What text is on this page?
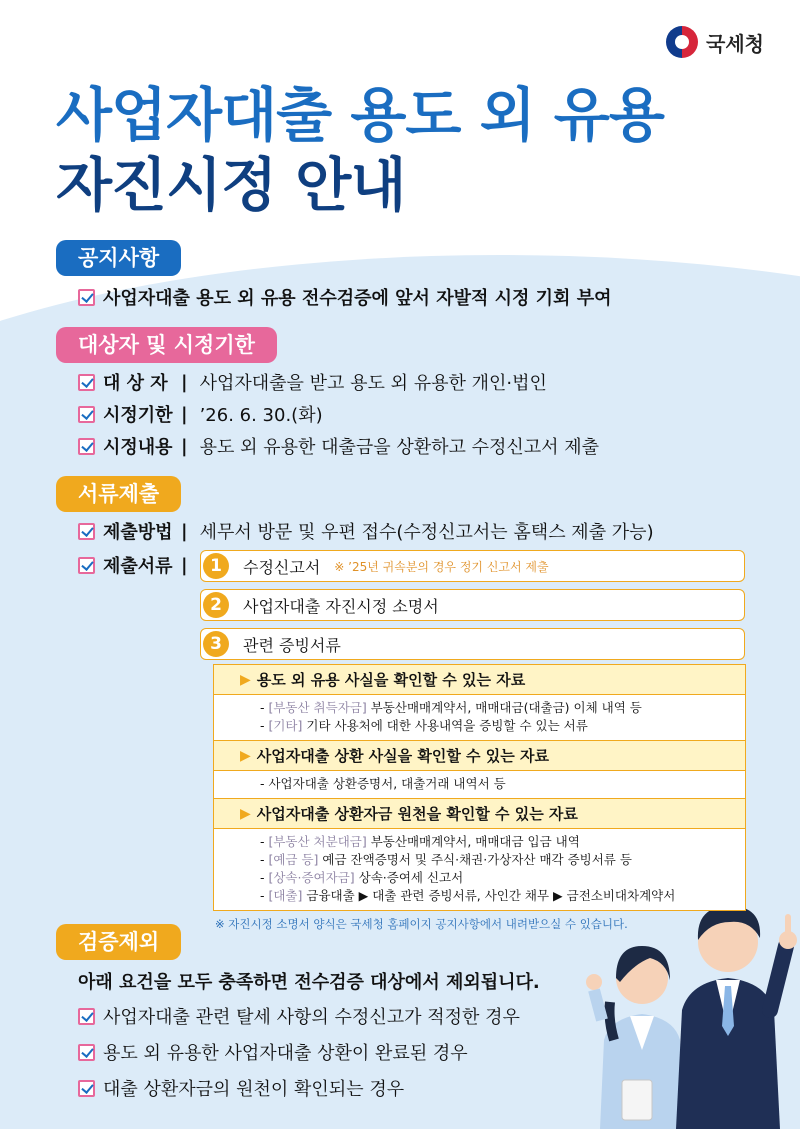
국세청
사업자대출 용도 외 유용
자진시정 안내
공지사항
사업자대출 용도 외 유용 전수검증에 앞서 자발적 시정 기회 부여
대상자 및 시정기한
대 상 자 | 사업자대출을 받고 용도 외 유용한 개인·법인
시정기한 | ’26. 6. 30.(화)
시정내용 | 용도 외 유용한 대출금을 상환하고 수정신고서 제출
서류제출
제출방법 | 세무서 방문 및 우편 접수(수정신고서는 홈택스 제출 가능)
제출서류 |	1	수정신고서 ※ ’25년 귀속분의 경우 정기 신고서 제출
2	사업자대출 자진시정 소명서
3	관련 증빙서류
▶ 용도 외 유용 사실을 확인할 수 있는 자료
- [부동산 취득자금] 부동산매매계약서, 매매대금(대출금) 이체 내역 등
- [기타] 기타 사용처에 대한 사용내역을 증빙할 수 있는 서류
▶ 사업자대출 상환 사실을 확인할 수 있는 자료
- 사업자대출 상환증명서, 대출거래 내역서 등
▶ 사업자대출 상환자금 원천을 확인할 수 있는 자료
- [부동산 처분대금] 부동산매매계약서, 매매대금 입금 내역
- [예금 등] 예금 잔액증명서 및 주식·채권·가상자산 매각 증빙서류 등
- [상속·증여자금] 상속·증여세 신고서
- [대출] 금융대출 ▶ 대출 관련 증빙서류, 사인간 채무 ▶ 금전소비대차계약서
※ 자진시정 소명서 양식은 국세청 홈페이지 공지사항에서 내려받으실 수 있습니다.
검증제외
아래 요건을 모두 충족하면 전수검증 대상에서 제외됩니다.
사업자대출 관련 탈세 사항의 수정신고가 적정한 경우
용도 외 유용한 사업자대출 상환이 완료된 경우
대출 상환자금의 원천이 확인되는 경우
